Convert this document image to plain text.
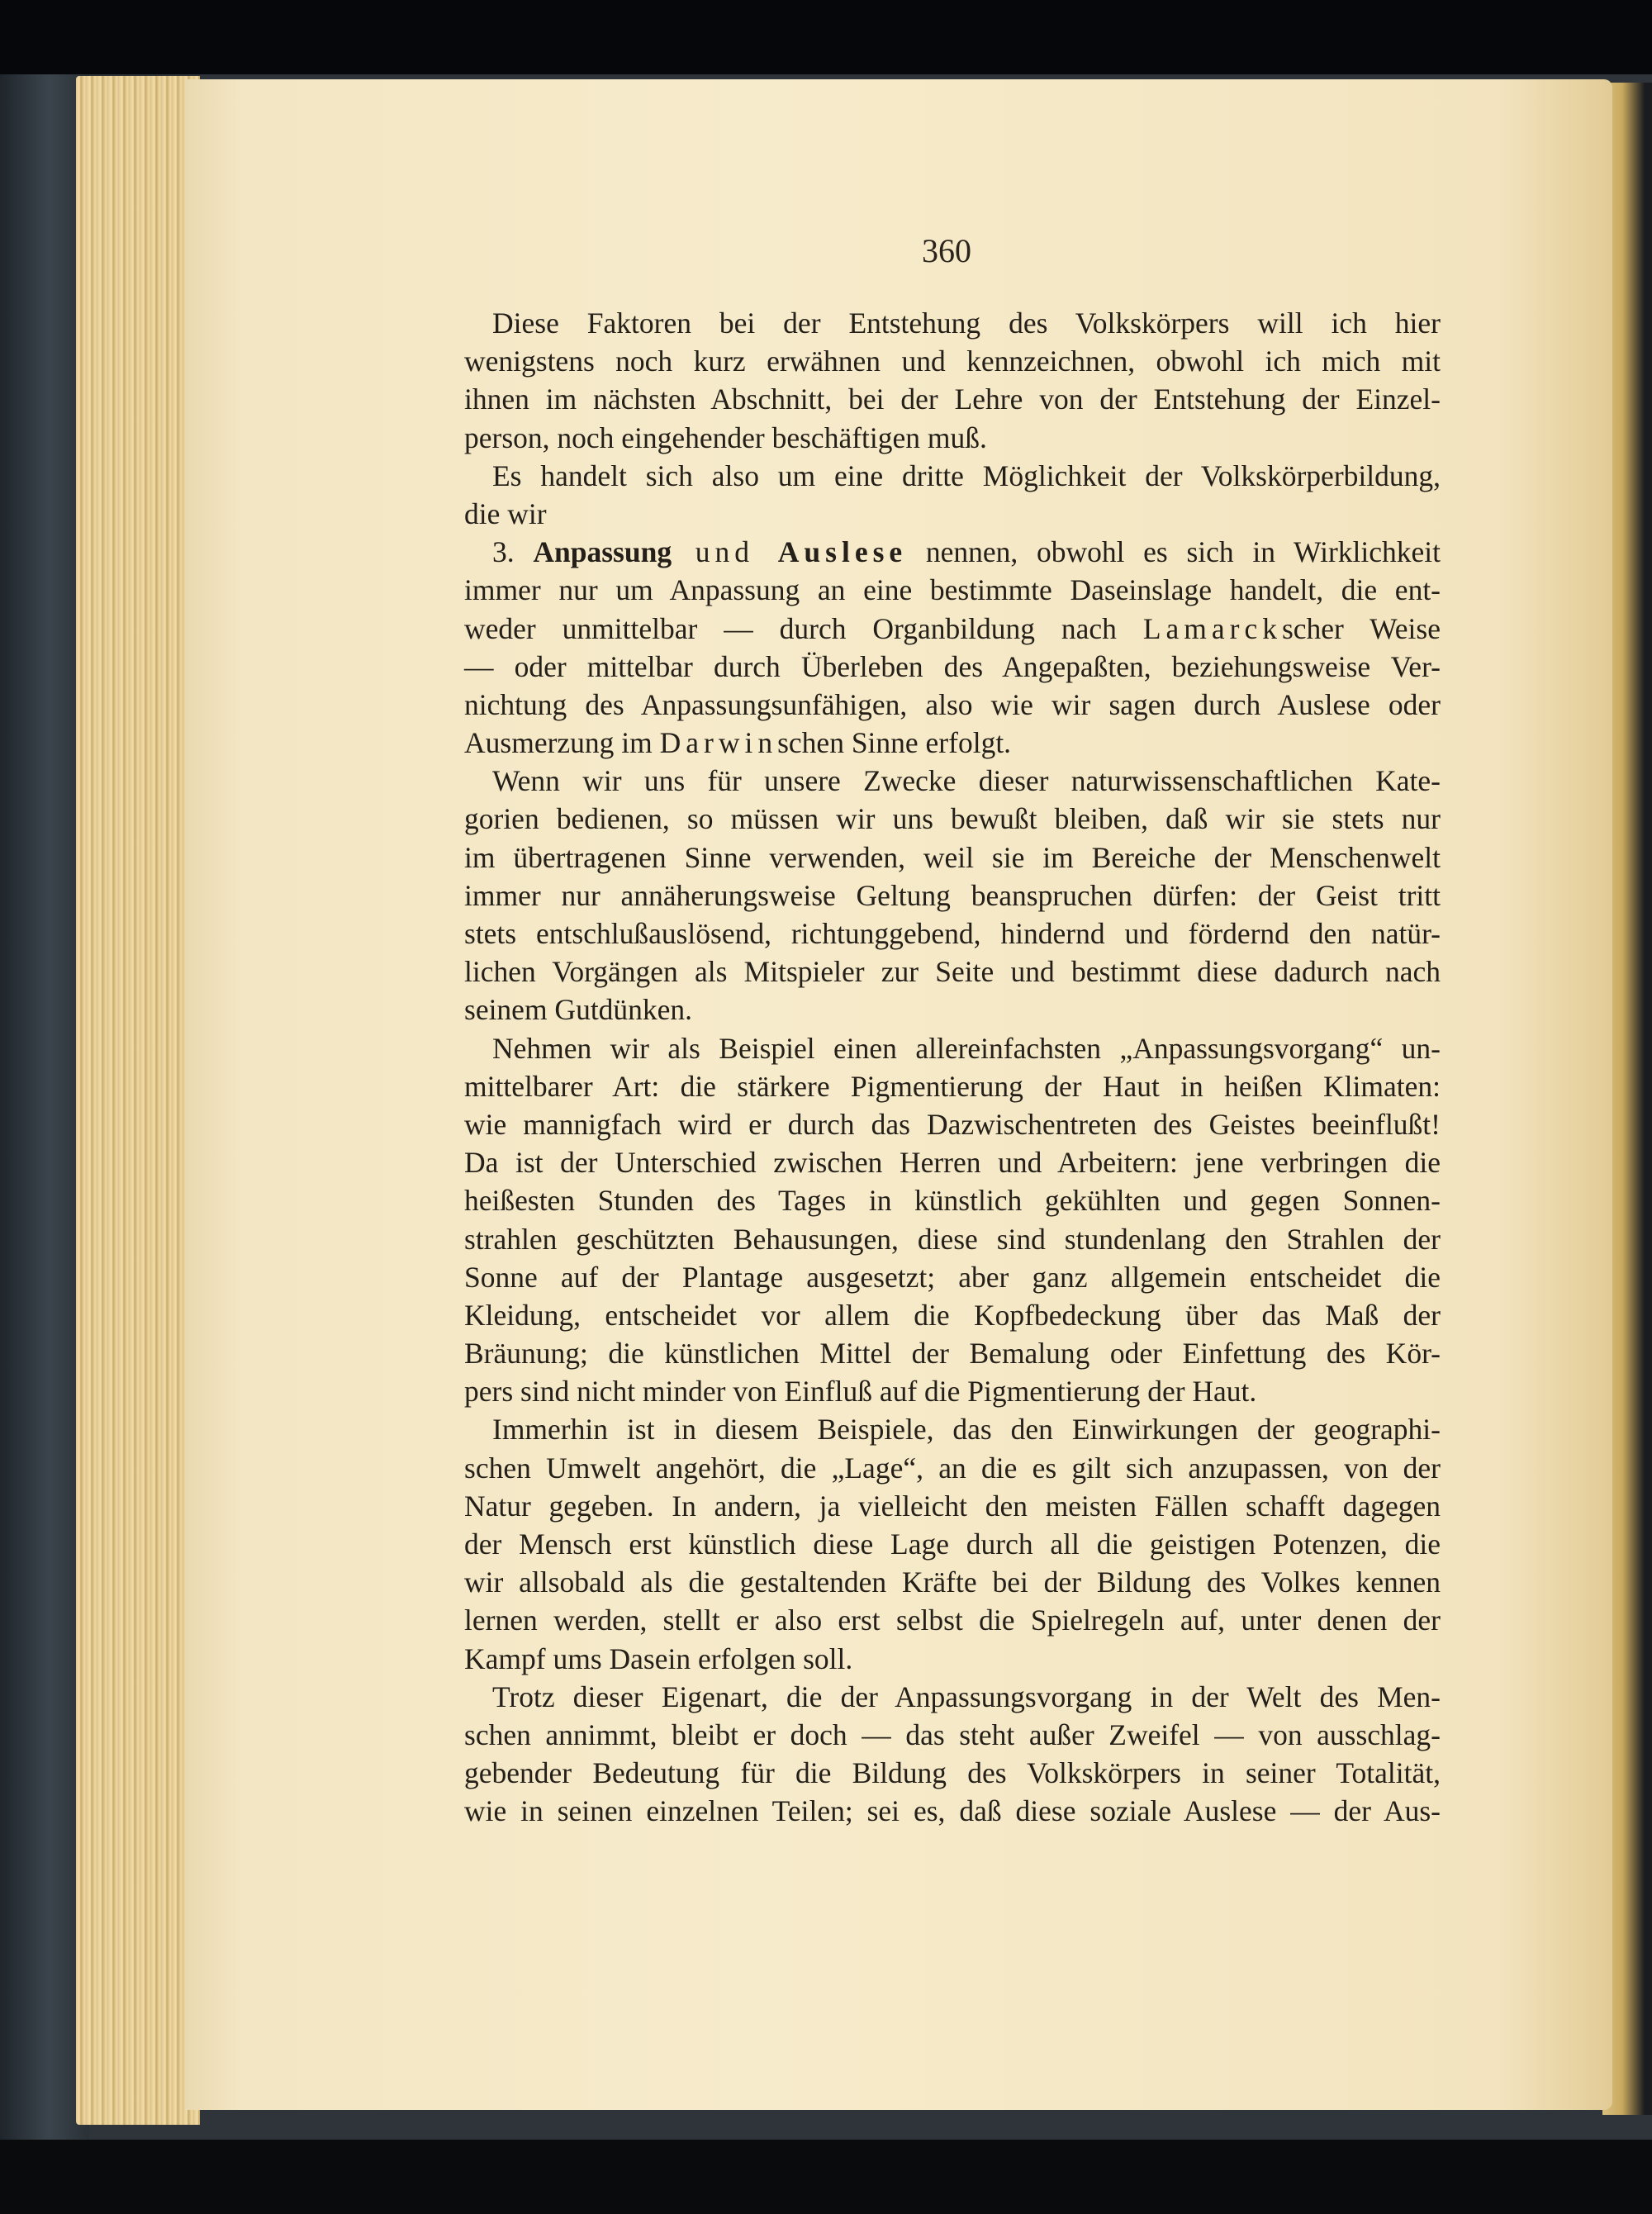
360
Diese Faktoren bei der Entstehung des Volkskörpers will ich hier
wenigstens noch kurz erwähnen und kennzeichnen, obwohl ich mich mit
ihnen im nächsten Abschnitt, bei der Lehre von der Entstehung der Einzel-
person, noch eingehender beschäftigen muß.
Es handelt sich also um eine dritte Möglichkeit der Volkskörperbildung,
die wir
3. Anpassung und Auslese nennen, obwohl es sich in Wirklichkeit
immer nur um Anpassung an eine bestimmte Daseinslage handelt, die ent-
weder unmittelbar — durch Organbildung nach Lamarckscher Weise
— oder mittelbar durch Überleben des Angepaßten, beziehungsweise Ver-
nichtung des Anpassungsunfähigen, also wie wir sagen durch Auslese oder
Ausmerzung im Darwinschen Sinne erfolgt.
Wenn wir uns für unsere Zwecke dieser naturwissenschaftlichen Kate-
gorien bedienen, so müssen wir uns bewußt bleiben, daß wir sie stets nur
im übertragenen Sinne verwenden, weil sie im Bereiche der Menschenwelt
immer nur annäherungsweise Geltung beanspruchen dürfen: der Geist tritt
stets entschlußauslösend, richtunggebend, hindernd und fördernd den natür-
lichen Vorgängen als Mitspieler zur Seite und bestimmt diese dadurch nach
seinem Gutdünken.
Nehmen wir als Beispiel einen allereinfachsten „Anpassungsvorgang“ un-
mittelbarer Art: die stärkere Pigmentierung der Haut in heißen Klimaten:
wie mannigfach wird er durch das Dazwischentreten des Geistes beeinflußt!
Da ist der Unterschied zwischen Herren und Arbeitern: jene verbringen die
heißesten Stunden des Tages in künstlich gekühlten und gegen Sonnen-
strahlen geschützten Behausungen, diese sind stundenlang den Strahlen der
Sonne auf der Plantage ausgesetzt; aber ganz allgemein entscheidet die
Kleidung, entscheidet vor allem die Kopfbedeckung über das Maß der
Bräunung; die künstlichen Mittel der Bemalung oder Einfettung des Kör-
pers sind nicht minder von Einfluß auf die Pigmentierung der Haut.
Immerhin ist in diesem Beispiele, das den Einwirkungen der geographi-
schen Umwelt angehört, die „Lage“, an die es gilt sich anzupassen, von der
Natur gegeben. In andern, ja vielleicht den meisten Fällen schafft dagegen
der Mensch erst künstlich diese Lage durch all die geistigen Potenzen, die
wir allsobald als die gestaltenden Kräfte bei der Bildung des Volkes kennen
lernen werden, stellt er also erst selbst die Spielregeln auf, unter denen der
Kampf ums Dasein erfolgen soll.
Trotz dieser Eigenart, die der Anpassungsvorgang in der Welt des Men-
schen annimmt, bleibt er doch — das steht außer Zweifel — von ausschlag-
gebender Bedeutung für die Bildung des Volkskörpers in seiner Totalität,
wie in seinen einzelnen Teilen; sei es, daß diese soziale Auslese — der Aus-
